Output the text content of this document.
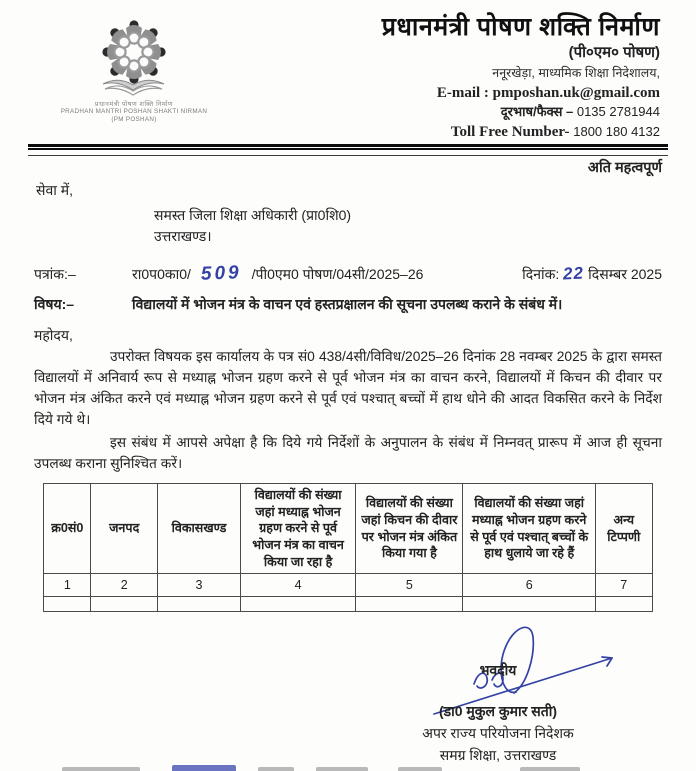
प्रधानमंत्री पोषण शक्ति निर्माण
PRADHAN MANTRI POSHAN SHAKTI NIRMAN
(PM POSHAN)
प्रधानमंत्री पोषण शक्ति निर्माण
(पी०एम० पोषण)
ननूरखेड़ा, माध्यमिक शिक्षा निदेशालय,
E-mail : pmposhan.uk@gmail.com
दूरभाष/फैक्स – 0135 2781944
Toll Free Number- 1800 180 4132
अति महत्वपूर्ण
सेवा में,
समस्त जिला शिक्षा अधिकारी (प्रा0शि0)
उत्तराखण्ड।
पत्रांक:–	रा0प0का0/ 509 /पी0एम0 पोषण/04सी/2025–26	दिनांक: 22 दिसम्बर 2025
विषय:–	विद्यालयों में भोजन मंत्र के वाचन एवं हस्तप्रक्षालन की सूचना उपलब्ध कराने के संबंध में।
महोदय,

उपरोक्त विषयक इस कार्यालय के पत्र सं0 438/4सी/विविध/2025–26 दिनांक 28 नवम्बर 2025 के द्वारा समस्त विद्यालयों में अनिवार्य रूप से मध्याह्न भोजन ग्रहण करने से पूर्व भोजन मंत्र का वाचन करने, विद्यालयों में किचन की दीवार पर भोजन मंत्र अंकित करने एवं मध्याह्न भोजन ग्रहण करने से पूर्व एवं पश्चात् बच्चों में हाथ धोने की आदत विकसित करने के निर्देश दिये गये थे।

इस संबंध में आपसे अपेक्षा है कि दिये गये निर्देशों के अनुपालन के संबंध में निम्नवत् प्रारूप में आज ही सूचना उपलब्ध कराना सुनिश्चित करें।

क्र0सं0	जनपद	विकासखण्ड	विद्यालयों की संख्या जहां मध्याह्न भोजन ग्रहण करने से पूर्व भोजन मंत्र का वाचन किया जा रहा है	विद्यालयों की संख्या जहां किचन की दीवार पर भोजन मंत्र अंकित किया गया है	विद्यालयों की संख्या जहां मध्याह्न भोजन ग्रहण करने से पूर्व एवं पश्चात् बच्चों के हाथ धुलाये जा रहे हैं	अन्य टिप्पणी
1	2	3	4	5	6	7

भवदीय
(डा0 मुकुल कुमार सती)
अपर राज्य परियोजना निदेशक
समग्र शिक्षा, उत्तराखण्ड
